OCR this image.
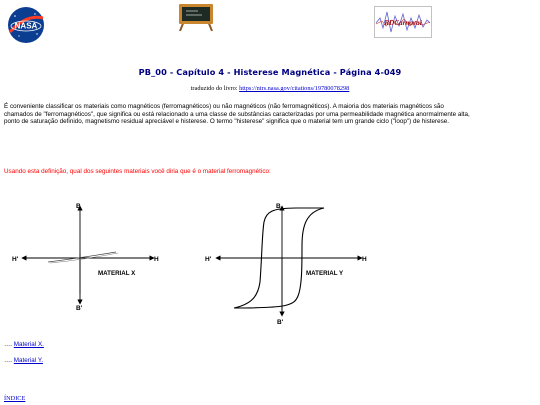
NASA	RDCarnaval
PB_00 - Capítulo 4 - Histerese Magnética - Página 4-049
traduzido do livro: https://ntrs.nasa.gov/citations/19780078298
É conveniente classificar os materiais como magnéticos (ferromagnéticos) ou não magnéticos (não ferromagnéticos). A maioria dos materiais magnéticos são chamados de "ferromagnéticos", que significa ou está relacionado a uma classe de substâncias caracterizadas por uma permeabilidade magnética anormalmente alta, ponto de saturação definido, magnetismo residual apreciável e histerese. O termo "histerese" significa que o material tem um grande ciclo ("loop") de histerese.
Usando esta definição, qual dos seguintes materiais você diria que é o material ferromagnético:
B
B'
H'	H
MATERIAL X
B
B'
H'	H
MATERIAL Y
…. Material X.
…. Material Y.
ÍNDICE
